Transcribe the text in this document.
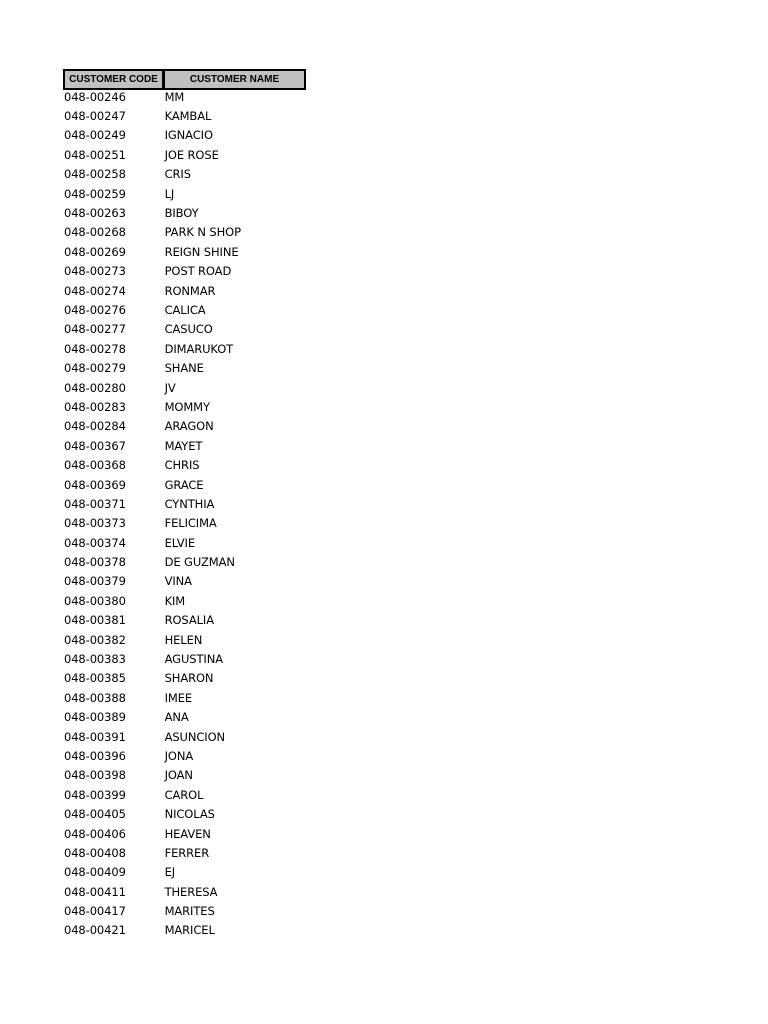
CUSTOMER CODE	CUSTOMER NAME
048-00246	MM
048-00247	KAMBAL
048-00249	IGNACIO
048-00251	JOE ROSE
048-00258	CRIS
048-00259	LJ
048-00263	BIBOY
048-00268	PARK N SHOP
048-00269	REIGN SHINE
048-00273	POST ROAD
048-00274	RONMAR
048-00276	CALICA
048-00277	CASUCO
048-00278	DIMARUKOT
048-00279	SHANE
048-00280	JV
048-00283	MOMMY
048-00284	ARAGON
048-00367	MAYET
048-00368	CHRIS
048-00369	GRACE
048-00371	CYNTHIA
048-00373	FELICIMA
048-00374	ELVIE
048-00378	DE GUZMAN
048-00379	VINA
048-00380	KIM
048-00381	ROSALIA
048-00382	HELEN
048-00383	AGUSTINA
048-00385	SHARON
048-00388	IMEE
048-00389	ANA
048-00391	ASUNCION
048-00396	JONA
048-00398	JOAN
048-00399	CAROL
048-00405	NICOLAS
048-00406	HEAVEN
048-00408	FERRER
048-00409	EJ
048-00411	THERESA
048-00417	MARITES
048-00421	MARICEL
